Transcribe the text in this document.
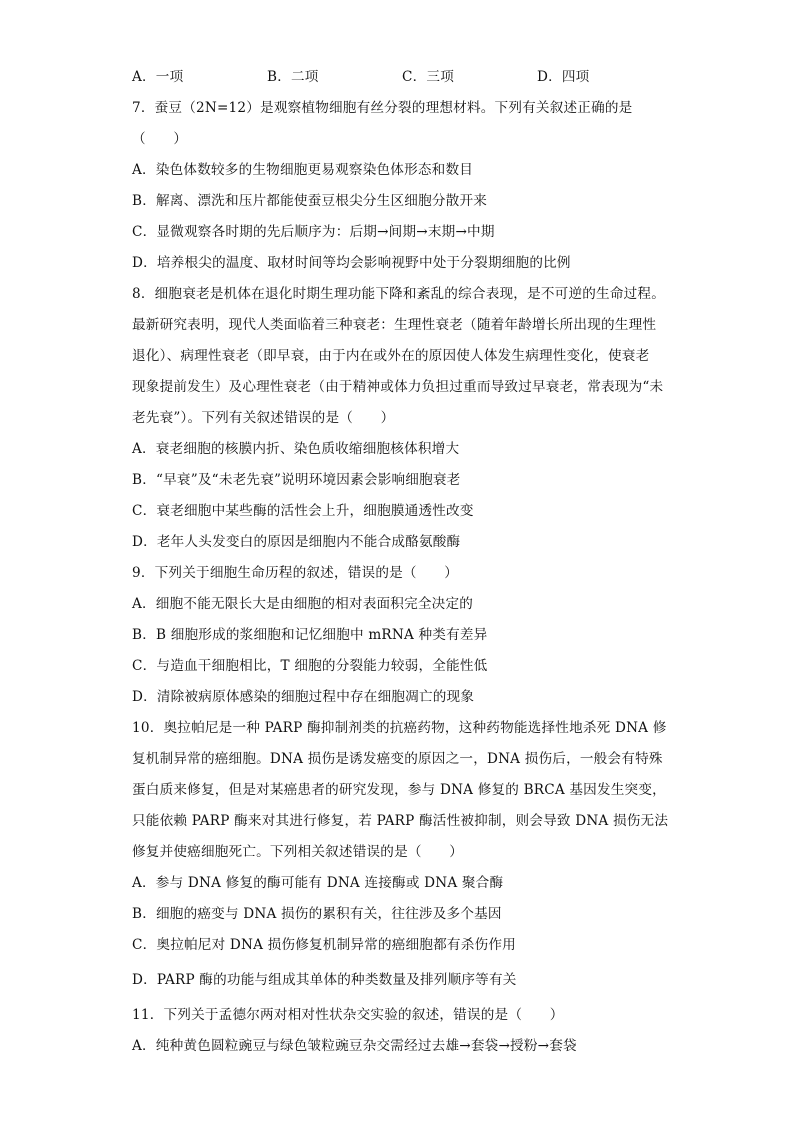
A．一项	B．二项	C．三项	D．四项
7．蚕豆（2N=12）是观察植物细胞有丝分裂的理想材料。下列有关叙述正确的是
（　　）
A．染色体数较多的生物细胞更易观察染色体形态和数目
B．解离、漂洗和压片都能使蚕豆根尖分生区细胞分散开来
C．显微观察各时期的先后顺序为：后期→间期→末期→中期
D．培养根尖的温度、取材时间等均会影响视野中处于分裂期细胞的比例
8．细胞衰老是机体在退化时期生理功能下降和紊乱的综合表现，是不可逆的生命过程。
最新研究表明，现代人类面临着三种衰老：生理性衰老（随着年龄增长所出现的生理性
退化）、病理性衰老（即早衰，由于内在或外在的原因使人体发生病理性变化，使衰老
现象提前发生）及心理性衰老（由于精神或体力负担过重而导致过早衰老，常表现为“未
老先衰”）。下列有关叙述错误的是（　　）
A．衰老细胞的核膜内折、染色质收缩细胞核体积增大
B．“早衰”及“未老先衰”说明环境因素会影响细胞衰老
C．衰老细胞中某些酶的活性会上升，细胞膜通透性改变
D．老年人头发变白的原因是细胞内不能合成酪氨酸酶
9．下列关于细胞生命历程的叙述，错误的是（　　）
A．细胞不能无限长大是由细胞的相对表面积完全决定的
B．B 细胞形成的浆细胞和记忆细胞中 mRNA 种类有差异
C．与造血干细胞相比，T 细胞的分裂能力较弱，全能性低
D．清除被病原体感染的细胞过程中存在细胞凋亡的现象
10．奥拉帕尼是一种 PARP 酶抑制剂类的抗癌药物，这种药物能选择性地杀死 DNA 修
复机制异常的癌细胞。DNA 损伤是诱发癌变的原因之一，DNA 损伤后，一般会有特殊
蛋白质来修复，但是对某癌患者的研究发现，参与 DNA 修复的 BRCA 基因发生突变，
只能依赖 PARP 酶来对其进行修复，若 PARP 酶活性被抑制，则会导致 DNA 损伤无法
修复并使癌细胞死亡。下列相关叙述错误的是（　　）
A．参与 DNA 修复的酶可能有 DNA 连接酶或 DNA 聚合酶
B．细胞的癌变与 DNA 损伤的累积有关，往往涉及多个基因
C．奥拉帕尼对 DNA 损伤修复机制异常的癌细胞都有杀伤作用
D．PARP 酶的功能与组成其单体的种类数量及排列顺序等有关
11．下列关于孟德尔两对相对性状杂交实验的叙述，错误的是（　　）
A．纯种黄色圆粒豌豆与绿色皱粒豌豆杂交需经过去雄→套袋→授粉→套袋
